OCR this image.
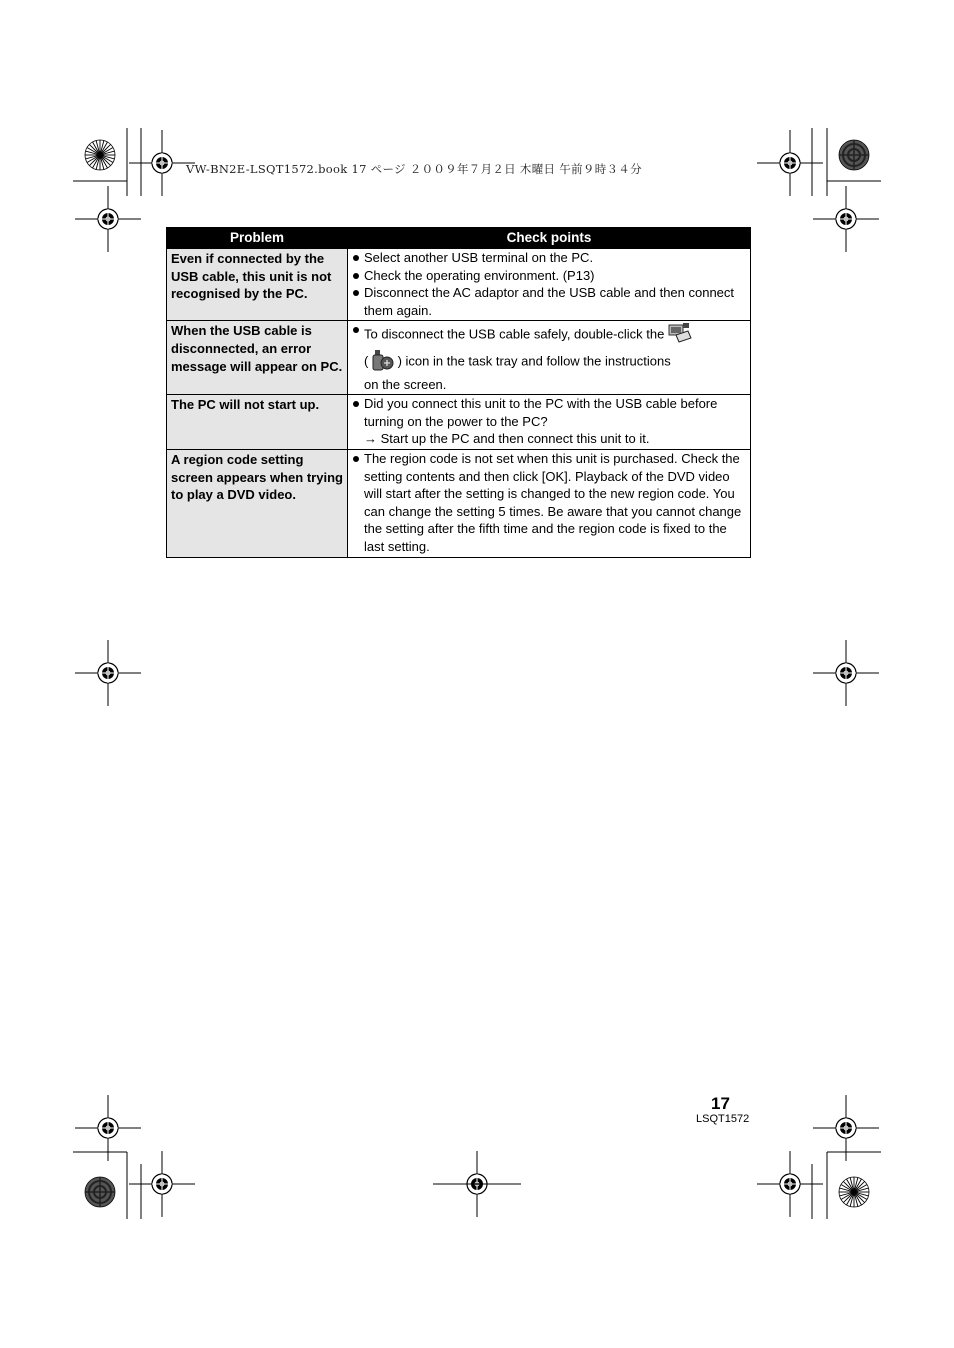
VW-BN2E-LSQT1572.book 17 ページ ２００９年７月２日 木曜日 午前９時３４分
Problem	Check points
Even if connected by the USB cable, this unit is not recognised by the PC.	Select another USB terminal on the PC.
Check the operating environment. (P13)
Disconnect the AC adaptor and the USB cable and then connect them again.

When the USB cable is disconnected, an error message will appear on PC.	To disconnect the USB cable safely, double-click the
( ) icon in the task tray and follow the instructions
on the screen.

The PC will not start up.	Did you connect this unit to the PC with the USB cable before turning on the power to the PC?
→ Start up the PC and then connect this unit to it.

A region code setting screen appears when trying to play a DVD video.	The region code is not set when this unit is purchased. Check the setting contents and then click [OK]. Playback of the DVD video will start after the setting is changed to the new region code. You can change the setting 5 times. Be aware that you cannot change the setting after the fifth time and the region code is fixed to the last setting.
17
LSQT1572
